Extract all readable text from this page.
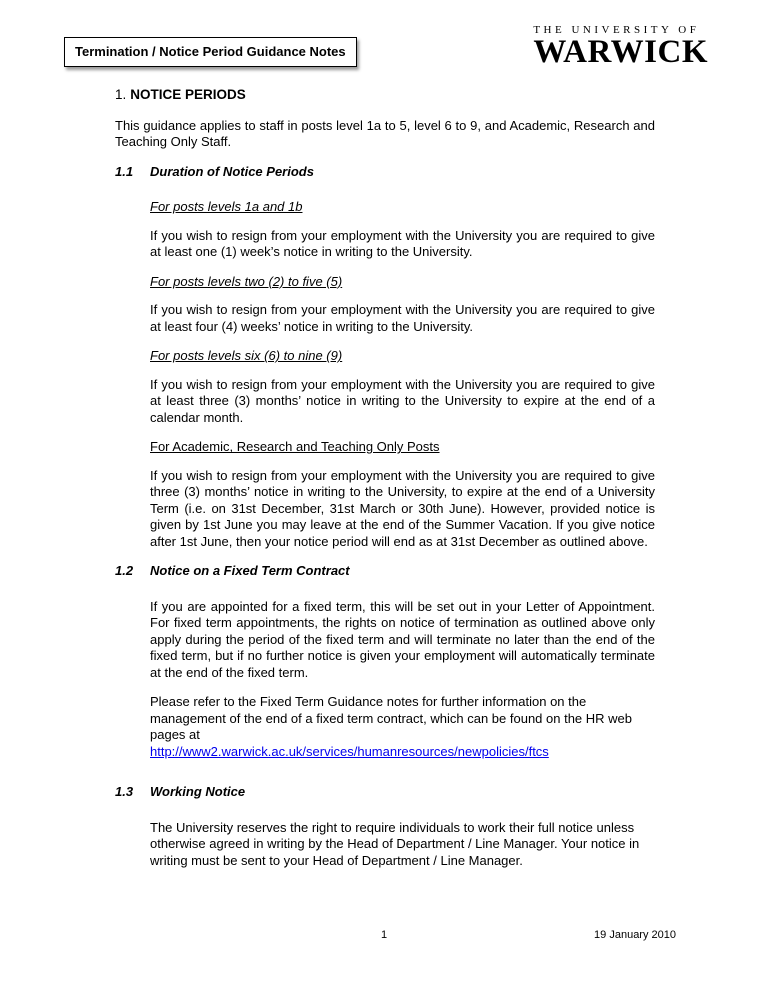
Termination / Notice Period Guidance Notes
THE UNIVERSITY OF
WARWICK
1. NOTICE PERIODS

This guidance applies to staff in posts level 1a to 5, level 6 to 9, and Academic, Research and Teaching Only Staff.

1.1	Duration of Notice Periods
For posts levels 1a and 1b

If you wish to resign from your employment with the University you are required to give at least one (1) week’s notice in writing to the University.

For posts levels two (2) to five (5)

If you wish to resign from your employment with the University you are required to give at least four (4) weeks’ notice in writing to the University.

For posts levels six (6) to nine (9)

If you wish to resign from your employment with the University you are required to give at least three (3) months’ notice in writing to the University to expire at the end of a calendar month.

For Academic, Research and Teaching Only Posts

If you wish to resign from your employment with the University you are required to give three (3) months’ notice in writing to the University, to expire at the end of a University Term (i.e. on 31st December, 31st March or 30th June). However, provided notice is given by 1st June you may leave at the end of the Summer Vacation. If you give notice after 1st June, then your notice period will end as at 31st December as outlined above.

1.2	Notice on a Fixed Term Contract

If you are appointed for a fixed term, this will be set out in your Letter of Appointment. For fixed term appointments, the rights on notice of termination as outlined above only apply during the period of the fixed term and will terminate no later than the end of the fixed term, but if no further notice is given your employment will automatically terminate at the end of the fixed term.

Please refer to the Fixed Term Guidance notes for further information on the management of the end of a fixed term contract, which can be found on the HR web pages at

http://www2.warwick.ac.uk/services/humanresources/newpolicies/ftcs
1.3	Working Notice

The University reserves the right to require individuals to work their full notice unless otherwise agreed in writing by the Head of Department / Line Manager. Your notice in writing must be sent to your Head of Department / Line Manager.

1	19 January 2010
